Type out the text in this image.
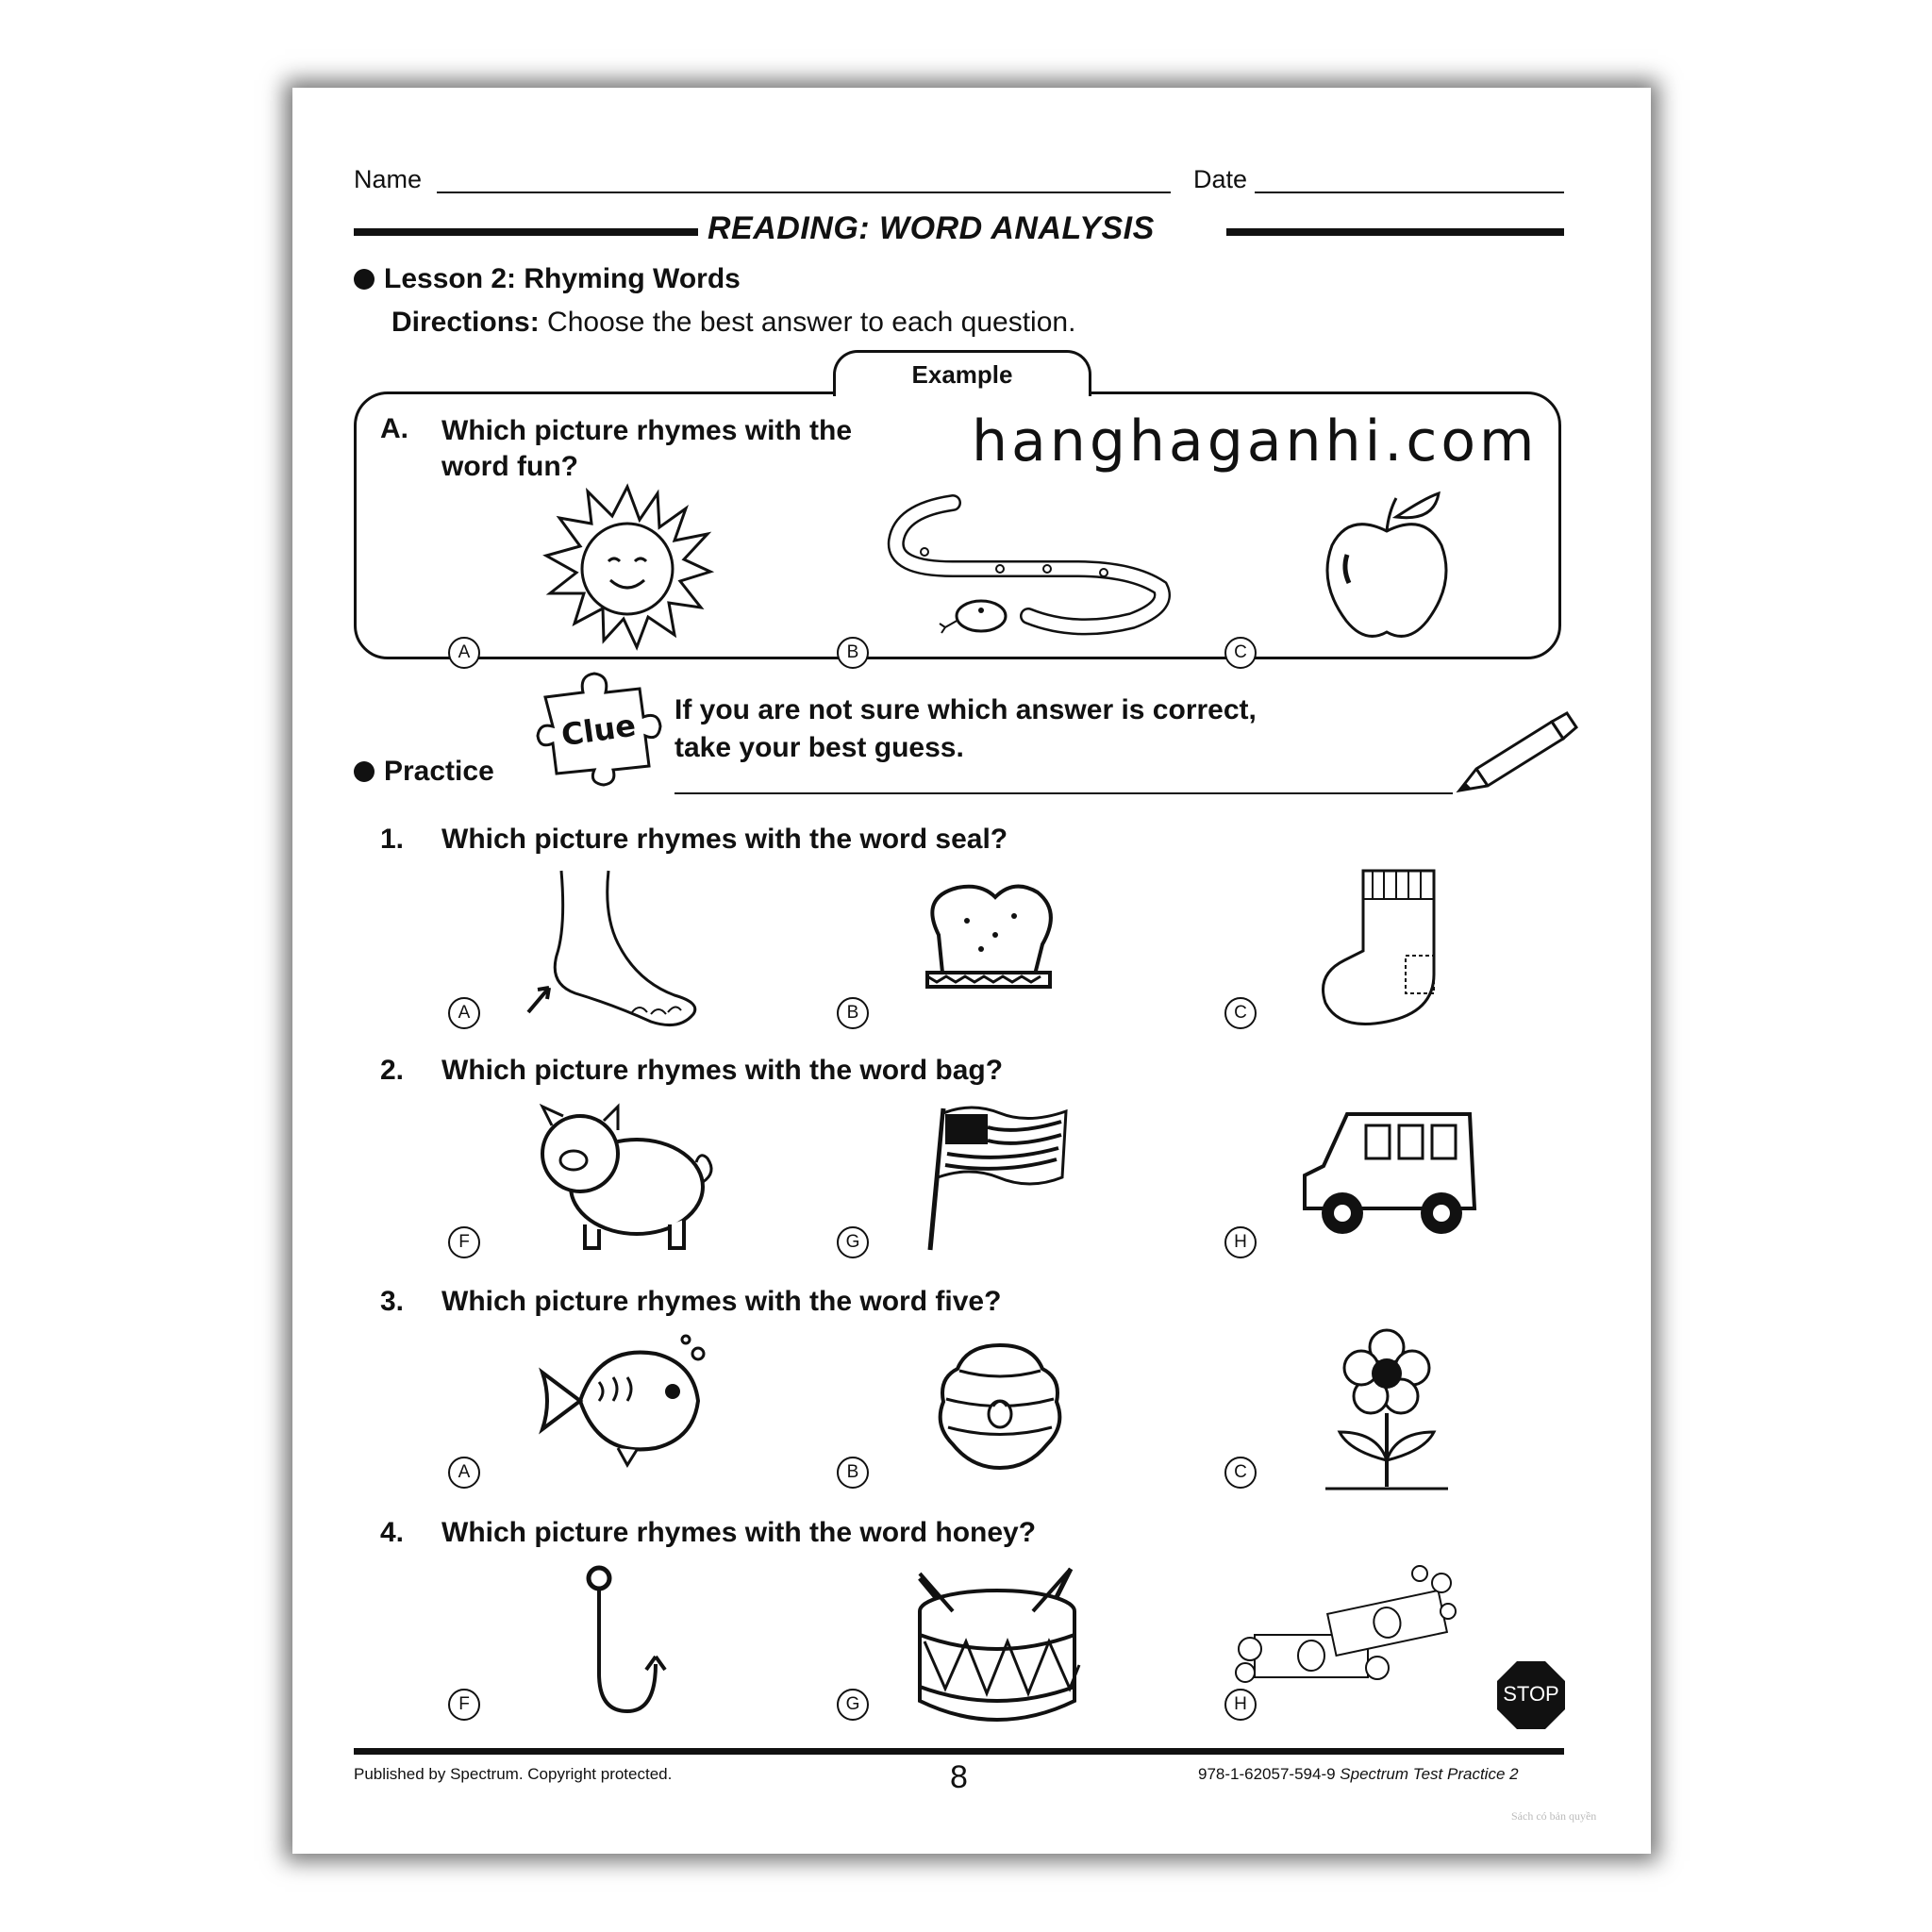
Name	Date
READING: WORD ANALYSIS
Lesson 2: Rhyming Words
Directions: Choose the best answer to each question.
Example
A. Which picture rhymes with the
word fun?	hanghaganhi.com
A	B	C
Clue If you are not sure which answer is correct,
take your best guess.
Practice
1. Which picture rhymes with the word seal?
A	B	C
2. Which picture rhymes with the word bag?
F	G	H
3. Which picture rhymes with the word five?
A	B	C
4. Which picture rhymes with the word honey?
F	G	H	STOP
Published by Spectrum. Copyright protected.	8	978-1-62057-594-9 Spectrum Test Practice 2
Sách có bản quyền
